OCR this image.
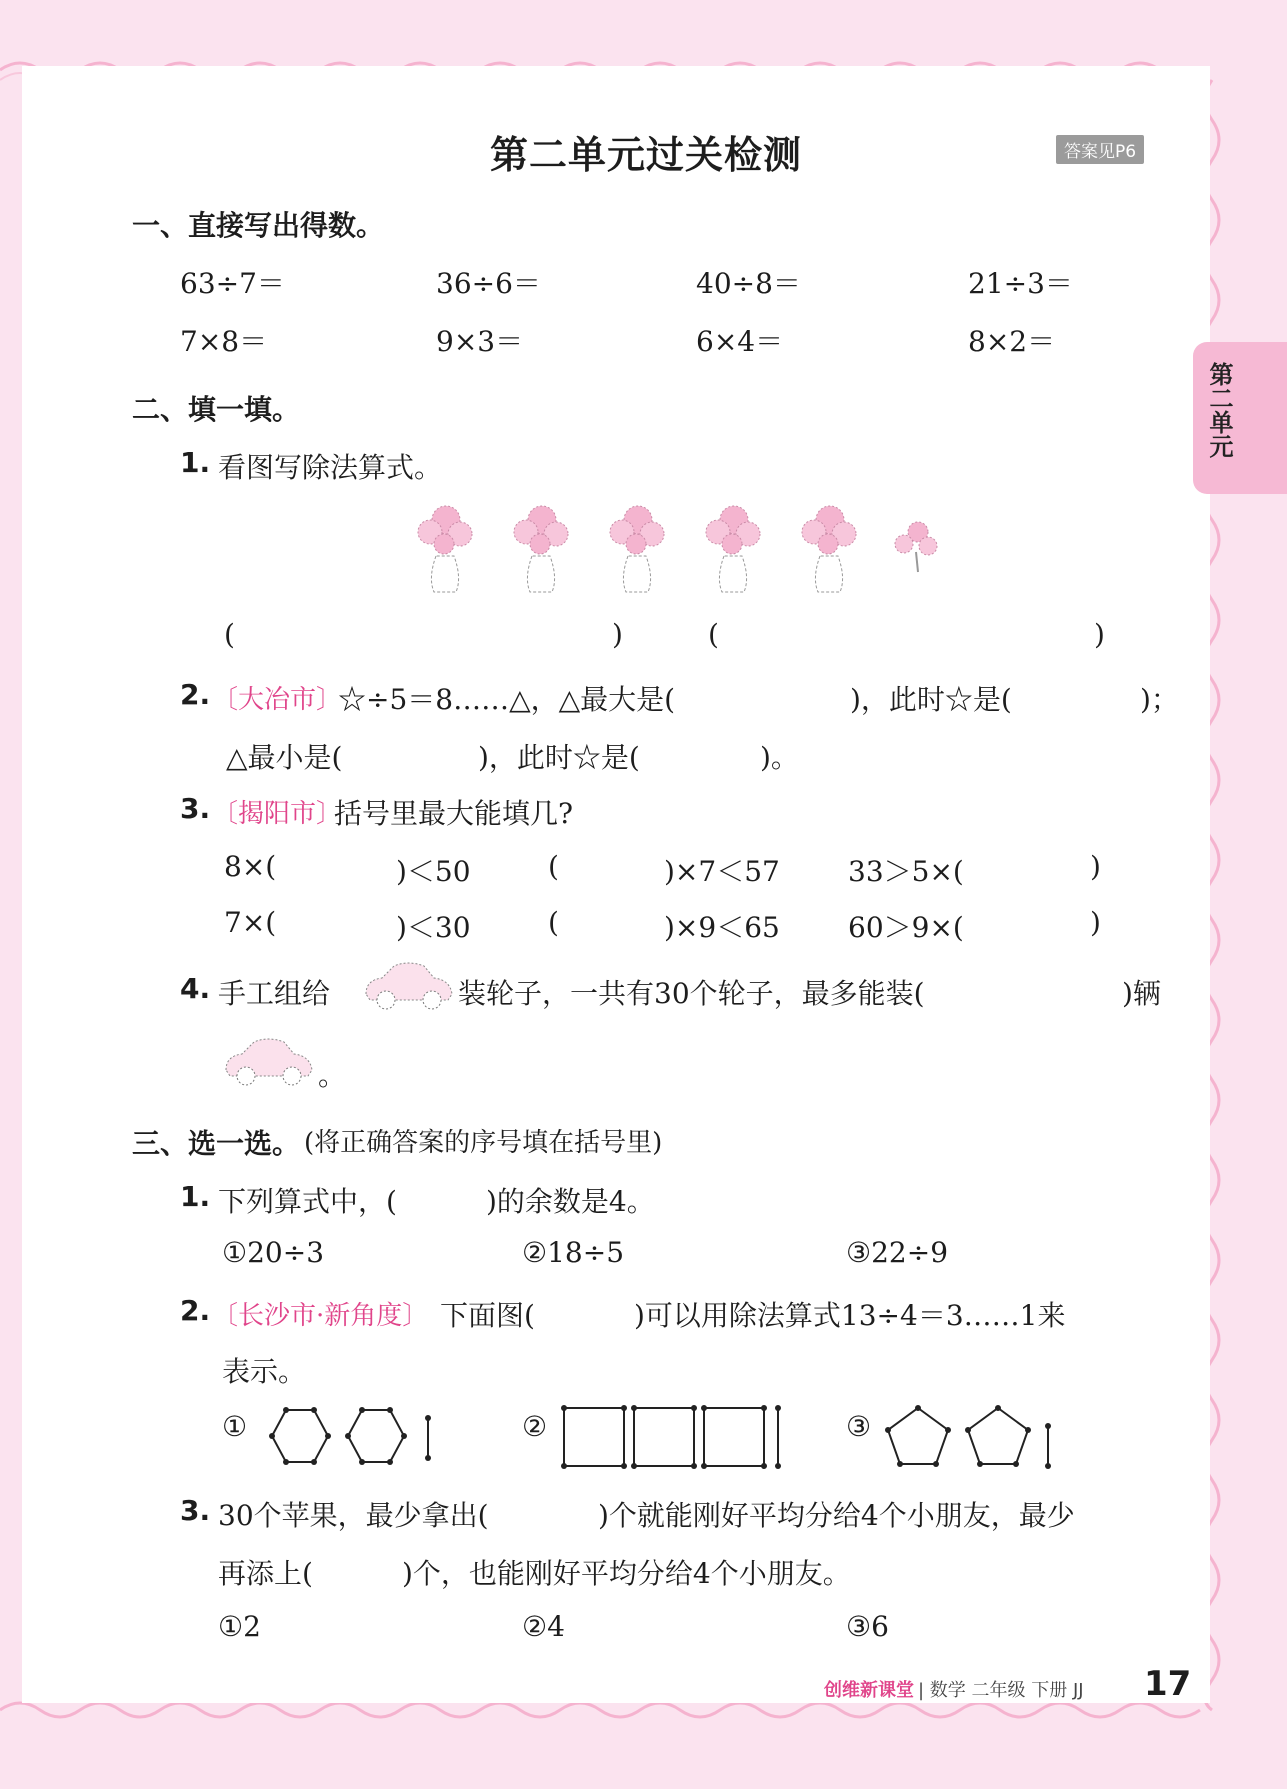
第二单元
第二单元过关检测	答案见P6
一、直接写出得数。
63÷7＝	36÷6＝	40÷8＝	21÷3＝
7×8＝	9×3＝	6×4＝	8×2＝
二、填一填。
1. 看图写除法算式。
(	)	(	)
2. 〔大冶市〕
☆÷5＝8……△，△最大是(	)，此时☆是(	)；
△最小是(	)，此时☆是(	)。
3. 〔揭阳市〕
括号里最大能填几?
8×(	)＜50	(	)×7＜57 33＞5×(	)
7×(	)＜30	(	)×9＜65 60＞9×(	)
4. 手工组给	装轮子，一共有30个轮子，最多能装(	)辆
。
三、选一选。 (将正确答案的序号填在括号里)
1. 下列算式中，(	)的余数是4。
①20÷3	②18÷5	③22÷9
2. 〔长沙市·新角度〕 下面图(	)可以用除法算式13÷4＝3……1来
表示。
①	②	③
3. 30个苹果，最少拿出(	)个就能刚好平均分给4个小朋友，最少
再添上(	)个，也能刚好平均分给4个小朋友。
①2	②4	③6
创维新课堂 | 数学 二年级 下册 JJ 17
